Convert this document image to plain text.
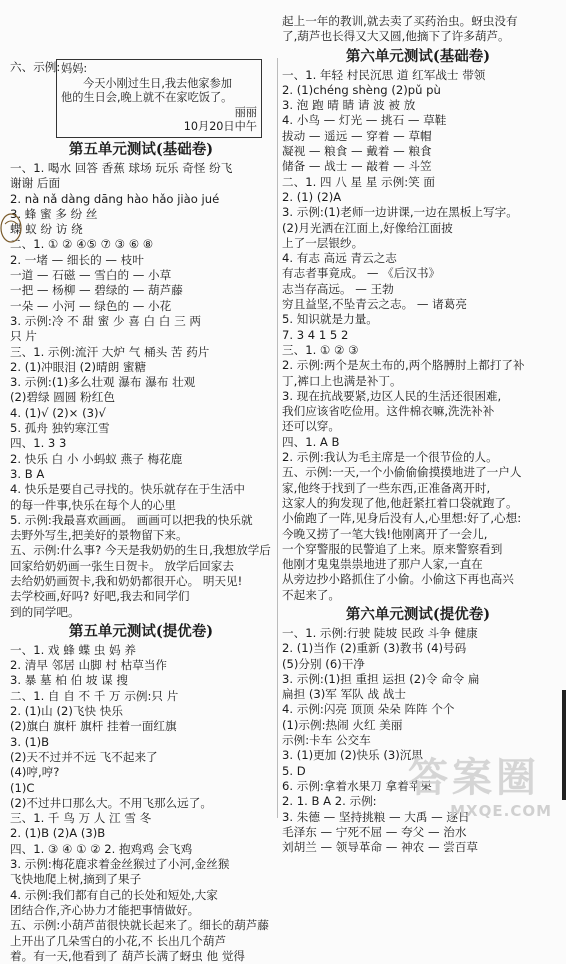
六、示例: 妈妈:
今天小刚过生日,我去他家参加
他的生日会,晚上就不在家吃饭了。
丽丽
10月20日中午
第五单元测试(基础卷)
一、1. 喝水 回答 香蕉 球场 玩乐 奇怪 纷飞
谢谢 后面
2. nà nǎ dàng dāng hào hǎo jiào jué
3. 蜂 蜜 多 纷 丝
蝶 蚁 纷 访 绕
二、1. ① ② ④⑤ ⑦ ③ ⑥ ⑧
2. 一堵 — 细长的 — 枝叶
一道 — 石磁 — 雪白的 — 小草
一把 — 杨柳 — 碧绿的 — 葫芦藤
一朵 — 小河 — 绿色的 — 小花
3. 示例:冷 不 甜 蜜 少 喜 白 白 三 两
只 片
三、1. 示例:流汗 大炉 气 桶头 苦 药片
2. (1)冲眼泪 (2)晴朗 蜜糖
3. 示例:(1)多么壮观 瀑布 瀑布 壮观
(2)碧绿 圆圆 粉红色
4. (1)√ (2)× (3)√
5. 孤舟 独钓寒江雪
四、1. 3 3
2. 快乐 白 小 小蚂蚁 燕子 梅花鹿
3. B A
4. 快乐是要自己寻找的。快乐就存在于生活中
的每一件事,快乐在每个人的心里
5. 示例:我最喜欢画画。 画画可以把我的快乐就
去野外写生,把美好的景物留下来。
五、示例:什么事? 今天是我奶奶的生日,我想放学后
回家给奶奶画一张生日贺卡。 放学后回家去
去给奶奶画贺卡,我和奶奶都很开心。 明天见!
去学校画,好吗? 好吧,我去和同学们
到的同学吧。
第五单元测试(提优卷)
一、1. 戏 蜂 蝶 虫 妈 养
2. 清早 邻居 山脚 村 枯草当作
3. 暴 墓 柏 伯 坡 谋 搜
二、1. 自 自 不 千 万 示例:只 片
2. (1)山 (2)飞快 快乐
(2)旗白 旗杆 旗杆 挂着一面红旗
3. (1)B
(2)天不过并不远 飞不起来了
(4)哼,哼?
(1)C
(2)不过井口那么大。不用飞那么远了。
三、1. 千 鸟 万 人 江 雪 冬
2. (1)B (2)A (3)B
四、1. ③ ④ ① ② 2. 抱鸡鸡 会飞鸡
3. 示例:梅花鹿求着金丝猴过了小河,金丝猴
飞快地爬上树,摘到了果子
4. 示例:我们都有自己的长处和短处,大家
团结合作,齐心协力才能把事情做好。
五、示例:小葫芦苗很快就长起来了。细长的葫芦藤
上开出了几朵雪白的小花,不 长出几个葫芦
着。有一天,他看到了 葫芦长满了蚜虫 他 觉得
起上一年的教训,就去卖了买药治虫。蚜虫没有
了,葫芦也长得又大又圆,他摘下了许多葫芦。
第六单元测试(基础卷)
一、1. 年轻 村民沉思 道 红军战士 带领
2. (1)chéng shèng (2)pǔ pù
3. 泡 跑 晴 睛 请 波 被 放
4. 小鸟 — 灯光 — 挑石 — 草鞋
拔动 — 遥远 — 穿着 — 草帽
凝视 — 粮食 — 戴着 — 粮食
储备 — 战士 — 敲着 — 斗笠
二、1. 四 八 星 星 示例:笑 面
2. (1) (2)A
3. 示例:(1)老师一边讲课,一边在黑板上写字。
(2)月光洒在江面上,好像给江面披
上了一层银纱。
4. 有志 高远 青云之志
有志者事竟成。 — 《后汉书》
志当存高远。 — 王勃
穷且益坚,不坠青云之志。 — 诸葛亮
5. 知识就是力量。
7. 3 4 1 5 2
三、1. ① ② ③
2. 示例:两个是灰土布的,两个胳膊肘上都打了补
丁,裤口上也满是补丁。
3. 现在抗战要紧,边区人民的生活还很困难,
我们应该省吃俭用。这件棉衣嘛,洗洗补补
还可以穿。
四、1. A B
2. 示例:我认为毛主席是一个很节俭的人。
五、示例:一天,一个小偷偷偷摸摸地进了一户人
家,他终于找到了一些东西,正准备离开时,
这家人的狗发现了他,他赶紧扛着口袋就跑了。
小偷跑了一阵,见身后没有人,心里想:好了,心想:
今晚又捞了一笔大钱!他刚离开了一会儿,
一个穿警服的民警追了上来。原来警察看到
他刚才鬼鬼祟祟地进了那户人家,一直在
从旁边抄小路抓住了小偷。小偷这下再也高兴
不起来了。
第六单元测试(提优卷)
一、1. 示例:行驶 陡坡 民政 斗争 健康
2. (1)当作 (2)重新 (3)教书 (4)号码
(5)分别 (6)干净
3. 示例:(1)担 重担 运担 (2)令 命令 扁
扁担 (3)军 军队 战 战士
4. 示例:闪亮 顶顶 朵朵 阵阵 个个
(1)示例:热闹 火红 美丽
示例:卡车 公交车
3. (1)更加 (2)快乐 (3)沉思
5. D
6. 示例:拿着水果刀 拿着苹果
2. 1. B A 2. 示例:
3. 朱德 — 坚持挑粮 — 大禹 — 逐日
毛泽东 — 宁死不屈 — 夸父 — 治水
刘胡兰 — 领导革命 — 神农 — 尝百草
答案圈
MXQE.COM
